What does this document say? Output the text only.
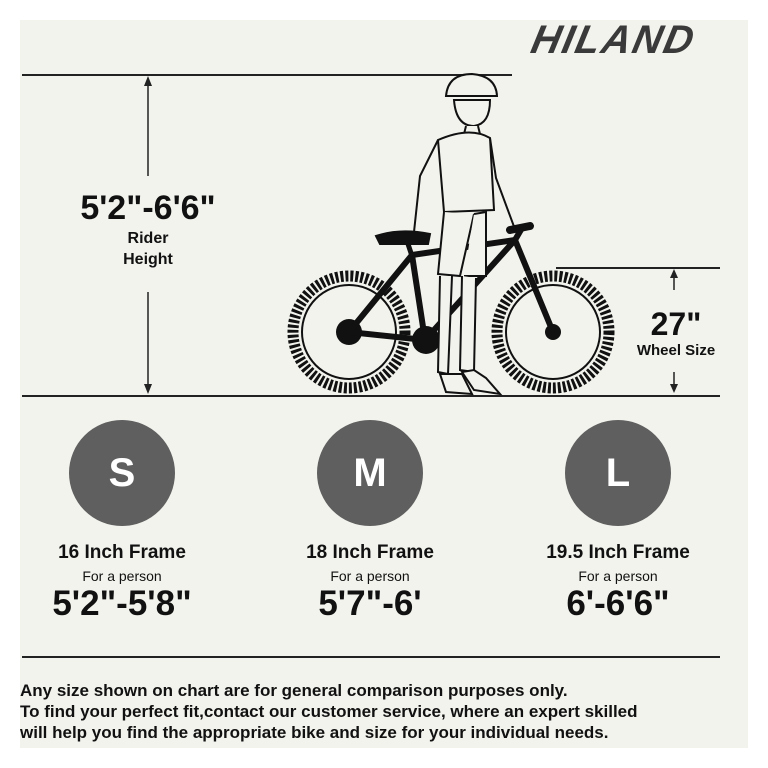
HILAND
5'2"-6'6"
Rider
Height
27"
Wheel Size
S
16 Inch Frame
For a person
5'2"-5'8"
M
18 Inch Frame
For a person
5'7"-6'
L
19.5 Inch Frame
For a person
6'-6'6"
Any size shown on chart are for general comparison purposes only.
To find your perfect fit,contact our customer service, where an expert skilled
will help you find the appropriate bike and size for your individual needs.
